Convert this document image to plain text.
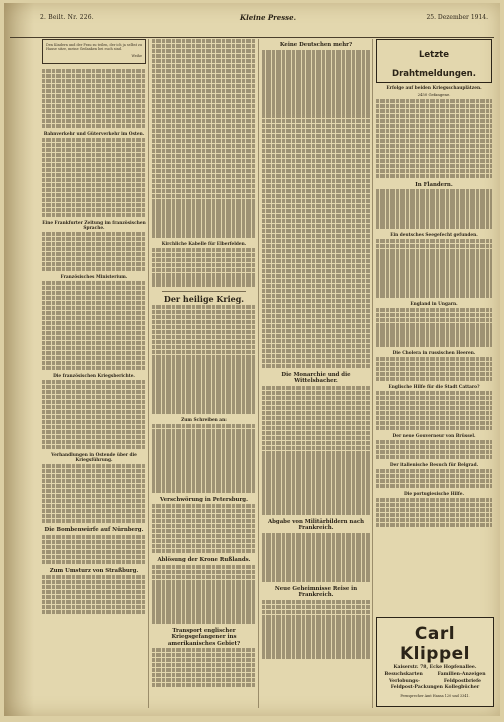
2. Beilt. Nr. 226.	Kleine Presse.	25. Dezember 1914.

Den Kindern und der Frau zu teilen, der ich ja selbst zu Hause sitze, meine Gedanken bei euch sind.

Weihe

Bahnverkehr und Güterverkehr im Osten.
Eine Frankfurter Zeitung im französischen Sprache.
Französisches Ministerium.
Die französischen Kriegsberichte.
Verhandlungen in Ostende über die Kriegsführung.
Die Bombenwürfe auf Nürnberg.
Zum Umsturz von Straßburg.
Kirchliche Kabelle für Elberfelden.
Der heilige Krieg.
Zum Schreiben an:
Verschwörung in Petersburg.
Ablösung der Krone Rußlands.
Transport englischer Kriegsgefangener ins amerikanisches Gebiet?
Keine Deutschen mehr?
Die Monarchie und die Wittelsbacher.
Abgabe von Militärbildern nach Frankreich.
Neue Geheimnisse Reise in Frankreich.
Letzte Drahtmeldungen.
Erfolge auf beiden Kriegsschauplätzen.
2450 Gefangene.
In Flandern.
Ein deutsches Seegefecht gefunden.
England in Ungarn.
Die Cholera in russischen Heeren.
Englische Hilfe für die Stadt Cattaro?
Der neue Gouverneur von Brüssel.
Der italienische Besuch für Belgrad.
Die portugiesische Hilfe.
Carl Klippel
Kaiserstr. 78, Ecke Hopfenallee.
Besuchskarten	Familien-Anzeigen
Verlobungs-	Feldpostbriefe
Feldpost-Packungen Kollegbücher
Fernsprecher Amt Hansa 120 und 3341.
